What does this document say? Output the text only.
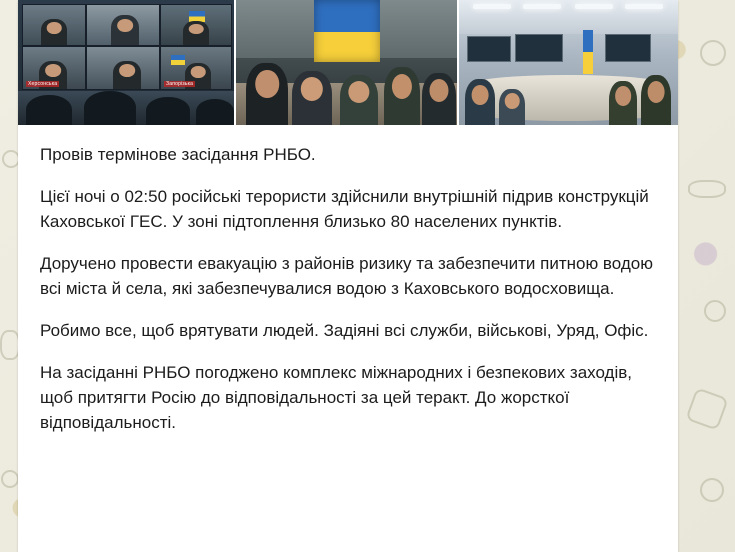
Херсонська	Запорізька

Провів термінове засідання РНБО.

Цієї ночі о 02:50 російські терористи здійснили внутрішній підрив конструкцій Каховської ГЕС. У зоні підтоплення близько 80 населених пунктів.

Доручено провести евакуацію з районів ризику та забезпечити питною водою всі міста й села, які забезпечувалися водою з Каховського водосховища.

Робимо все, щоб врятувати людей. Задіяні всі служби, військові, Уряд, Офіс.

На засіданні РНБО погоджено комплекс міжнародних і безпекових заходів, щоб притягти Росію до відповідальності за цей теракт. До жорсткої відповідальності.
